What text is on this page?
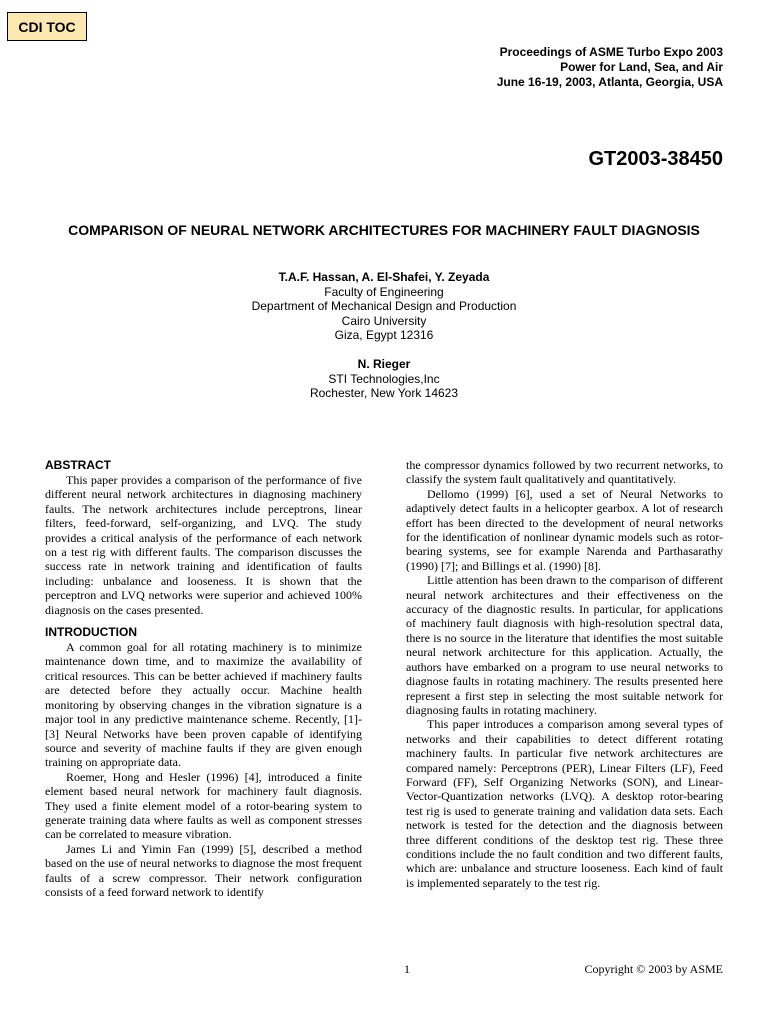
CDI TOC
Proceedings of ASME Turbo Expo 2003
Power for Land, Sea, and Air
June 16-19, 2003, Atlanta, Georgia, USA
GT2003-38450
COMPARISON OF NEURAL NETWORK ARCHITECTURES FOR MACHINERY FAULT DIAGNOSIS
T.A.F. Hassan, A. El-Shafei, Y. Zeyada
Faculty of Engineering
Department of Mechanical Design and Production
Cairo University
Giza, Egypt 12316
N. Rieger
STI Technologies,Inc
Rochester, New York 14623
ABSTRACT

This paper provides a comparison of the performance of five different neural network architectures in diagnosing machinery faults. The network architectures include perceptrons, linear filters, feed-forward, self-organizing, and LVQ. The study provides a critical analysis of the performance of each network on a test rig with different faults. The comparison discusses the success rate in network training and identification of faults including: unbalance and looseness. It is shown that the perceptron and LVQ networks were superior and achieved 100% diagnosis on the cases presented.

INTRODUCTION

A common goal for all rotating machinery is to minimize maintenance down time, and to maximize the availability of critical resources. This can be better achieved if machinery faults are detected before they actually occur. Machine health monitoring by observing changes in the vibration signature is a major tool in any predictive maintenance scheme. Recently, [1]-[3] Neural Networks have been proven capable of identifying source and severity of machine faults if they are given enough training on appropriate data.

Roemer, Hong and Hesler (1996) [4], introduced a finite element based neural network for machinery fault diagnosis. They used a finite element model of a rotor-bearing system to generate training data where faults as well as component stresses can be correlated to measure vibration.

James Li and Yimin Fan (1999) [5], described a method based on the use of neural networks to diagnose the most frequent faults of a screw compressor. Their network configuration consists of a feed forward network to identify

the compressor dynamics followed by two recurrent networks, to classify the system fault qualitatively and quantitatively.

Dellomo (1999) [6], used a set of Neural Networks to adaptively detect faults in a helicopter gearbox. A lot of research effort has been directed to the development of neural networks for the identification of nonlinear dynamic models such as rotor-bearing systems, see for example Narenda and Parthasarathy (1990) [7]; and Billings et al. (1990) [8].

Little attention has been drawn to the comparison of different neural network architectures and their effectiveness on the accuracy of the diagnostic results. In particular, for applications of machinery fault diagnosis with high-resolution spectral data, there is no source in the literature that identifies the most suitable neural network architecture for this application. Actually, the authors have embarked on a program to use neural networks to diagnose faults in rotating machinery. The results presented here represent a first step in selecting the most suitable network for diagnosing faults in rotating machinery.

This paper introduces a comparison among several types of networks and their capabilities to detect different rotating machinery faults. In particular five network architectures are compared namely: Perceptrons (PER), Linear Filters (LF), Feed Forward (FF), Self Organizing Networks (SON), and Linear-Vector-Quantization networks (LVQ). A desktop rotor-bearing test rig is used to generate training and validation data sets. Each network is tested for the detection and the diagnosis between three different conditions of the desktop test rig. These three conditions include the no fault condition and two different faults, which are: unbalance and structure looseness. Each kind of fault is implemented separately to the test rig.

1	Copyright © 2003 by ASME
